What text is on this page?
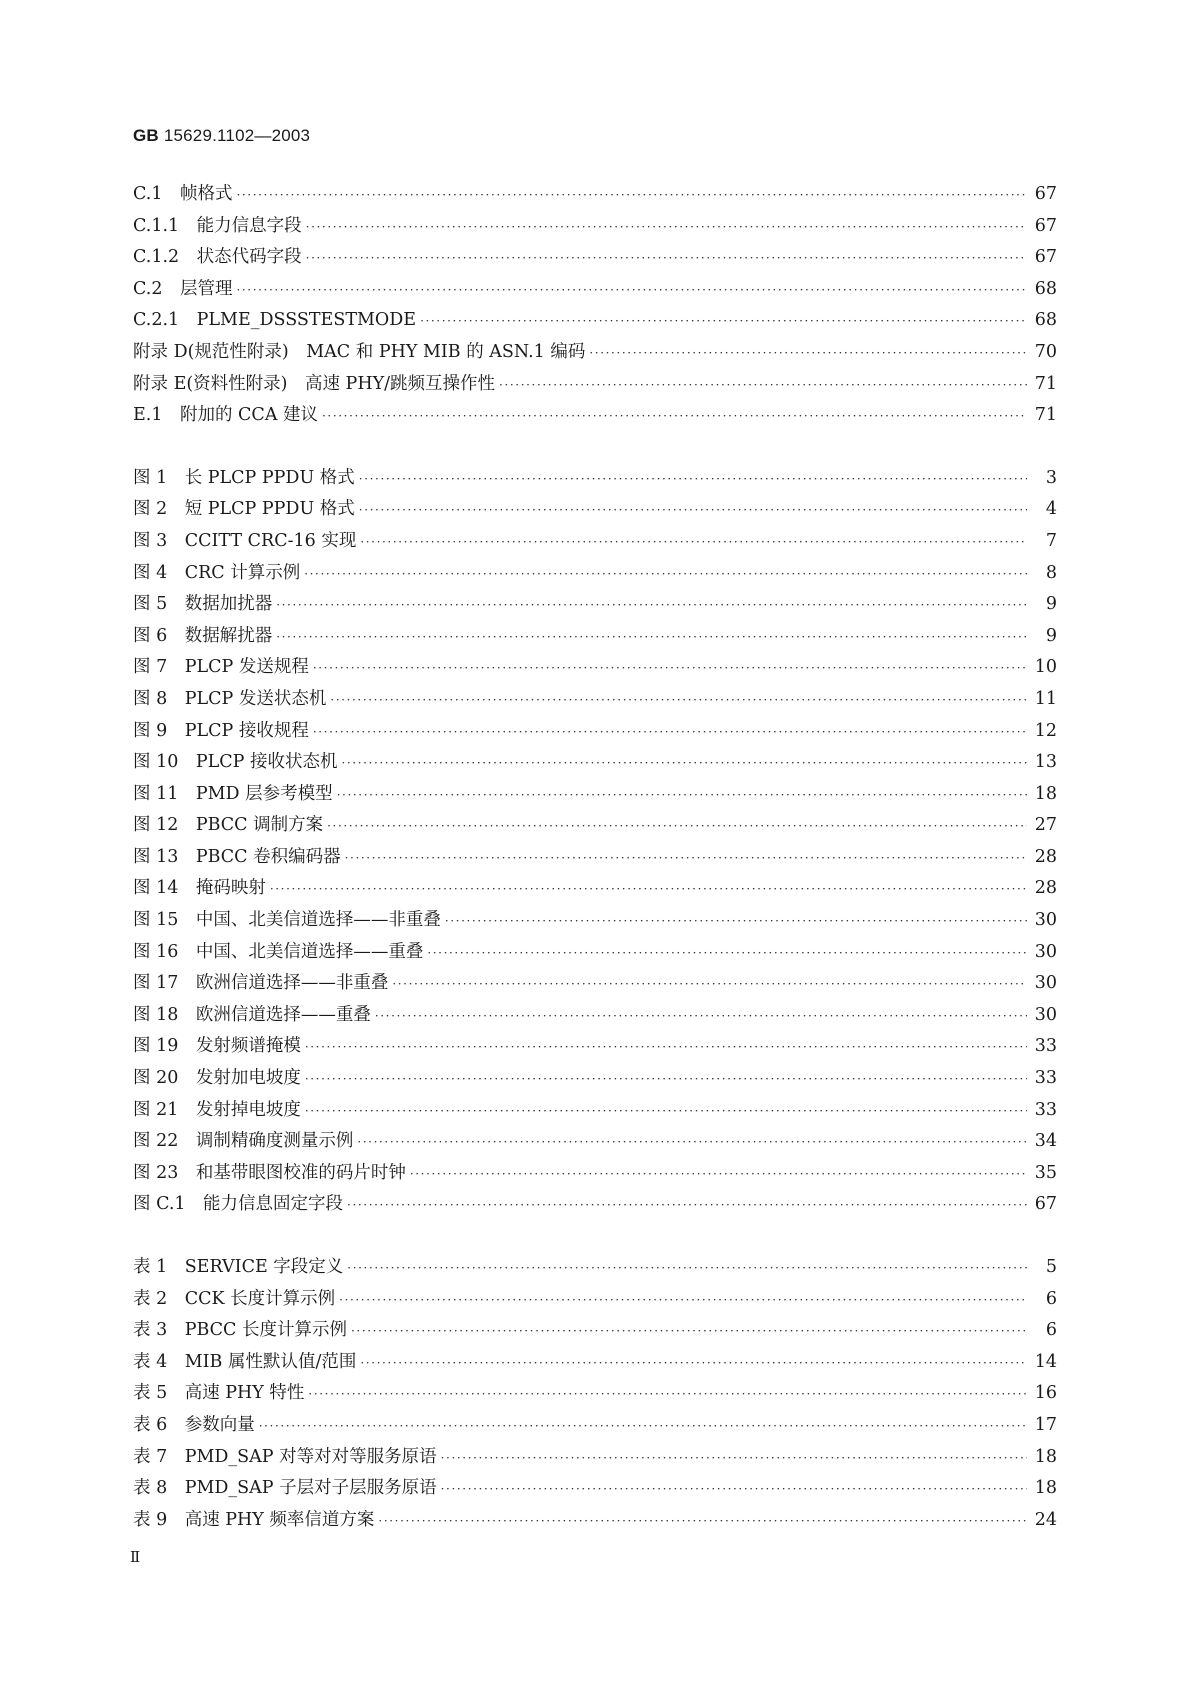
GB 15629.1102—2003
C.1　帧格式 ·····	67
C.1.1　能力信息字段 ·····	67
C.1.2　状态代码字段 ·····	67
C.2　层管理 ·····	68
C.2.1　PLME_DSSSTESTMODE ·····	68
附录 D(规范性附录)　MAC 和 PHY MIB 的 ASN.1 编码 ·····	70
附录 E(资料性附录)　高速 PHY/跳频互操作性 ·····	71
E.1　附加的 CCA 建议 ·····	71
图 1　长 PLCP PPDU 格式 ·····	3
图 2　短 PLCP PPDU 格式 ·····	4
图 3　CCITT CRC-16 实现 ·····	7
图 4　CRC 计算示例 ·····	8
图 5　数据加扰器 ·····	9
图 6　数据解扰器 ·····	9
图 7　PLCP 发送规程 ·····	10
图 8　PLCP 发送状态机 ·····	11
图 9　PLCP 接收规程 ·····	12
图 10　PLCP 接收状态机 ·····	13
图 11　PMD 层参考模型 ·····	18
图 12　PBCC 调制方案 ·····	27
图 13　PBCC 卷积编码器 ·····	28
图 14　掩码映射 ·····	28
图 15　中国、北美信道选择——非重叠 ·····	30
图 16　中国、北美信道选择——重叠 ·····	30
图 17　欧洲信道选择——非重叠 ·····	30
图 18　欧洲信道选择——重叠 ·····	30
图 19　发射频谱掩模 ·····	33
图 20　发射加电坡度 ·····	33
图 21　发射掉电坡度 ·····	33
图 22　调制精确度测量示例 ·····	34
图 23　和基带眼图校准的码片时钟 ·····	35
图 C.1　能力信息固定字段 ·····	67
表 1　SERVICE 字段定义 ·····	5
表 2　CCK 长度计算示例 ·····	6
表 3　PBCC 长度计算示例 ·····	6
表 4　MIB 属性默认值/范围 ·····	14
表 5　高速 PHY 特性 ·····	16
表 6　参数向量 ·····	17
表 7　PMD_SAP 对等对对等服务原语 ·····	18
表 8　PMD_SAP 子层对子层服务原语 ·····	18
表 9　高速 PHY 频率信道方案 ·····	24
Ⅱ
